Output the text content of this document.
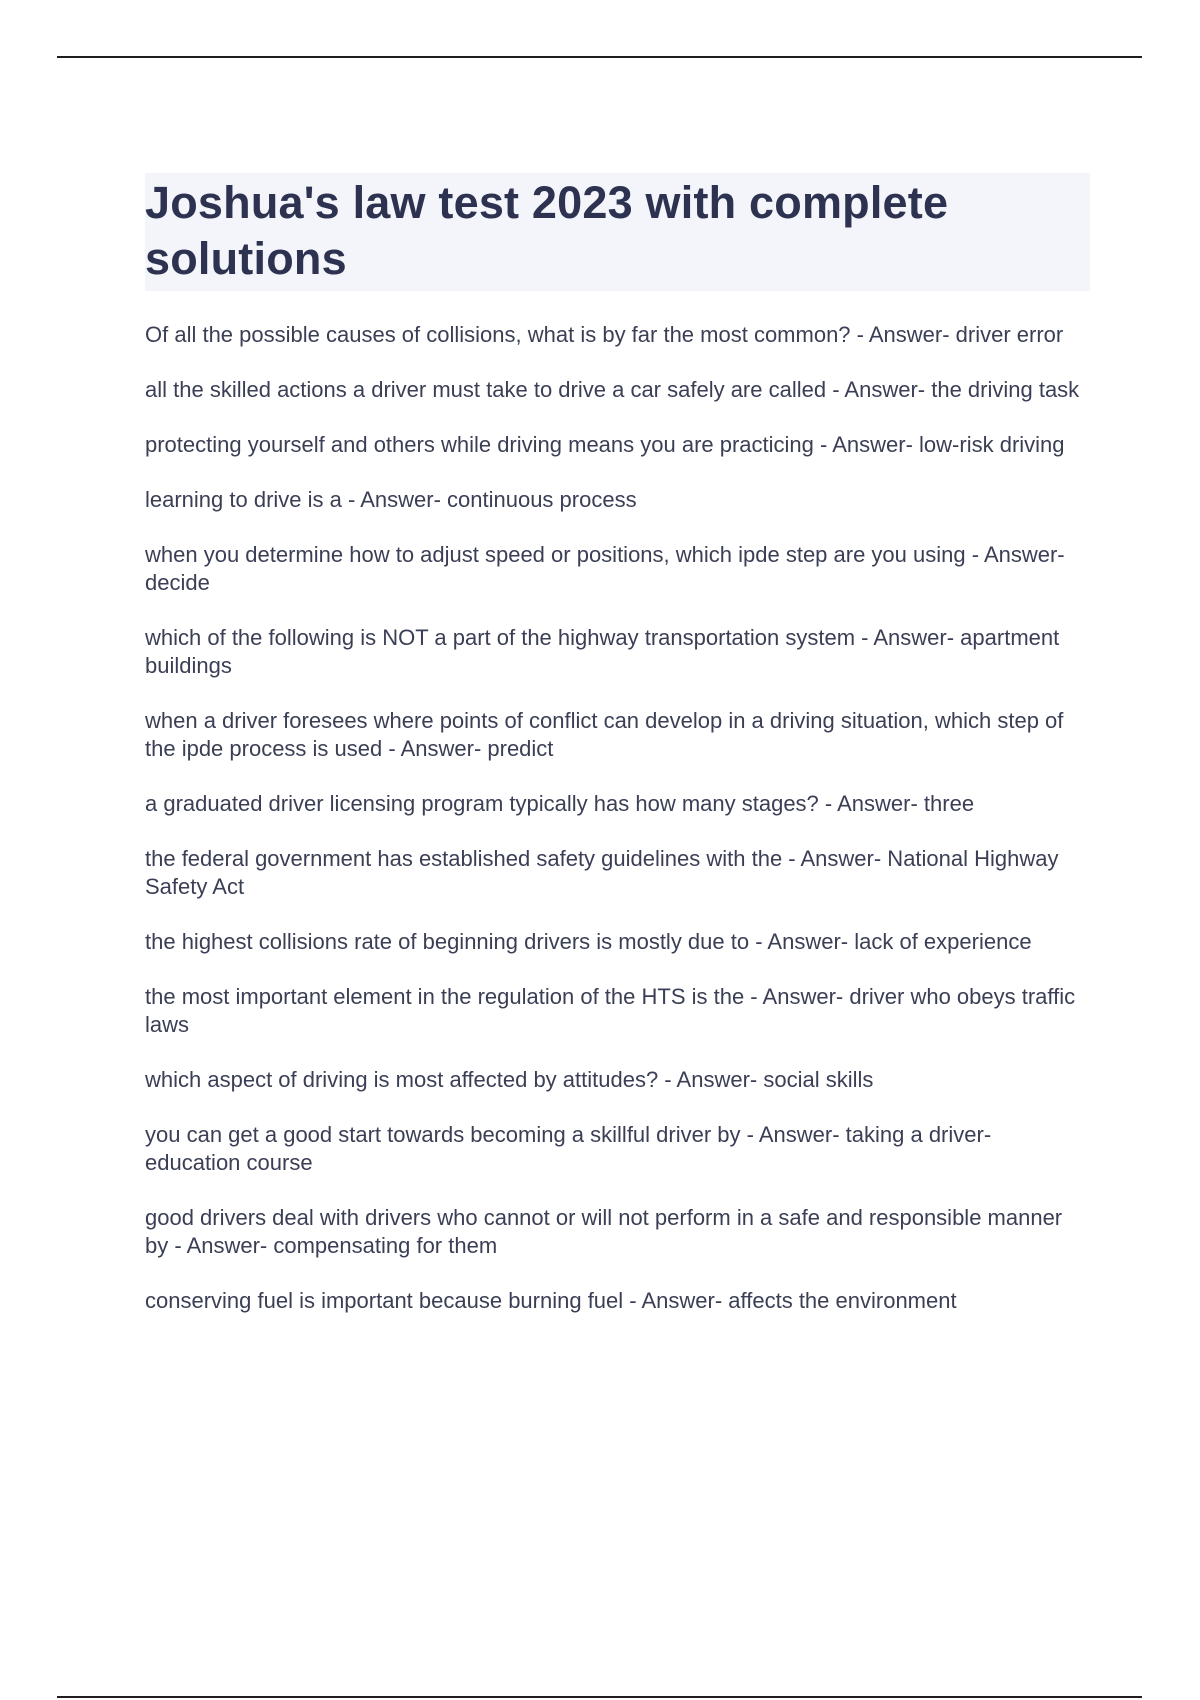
Joshua's law test 2023 with complete solutions

Of all the possible causes of collisions, what is by far the most common? - Answer- driver error

all the skilled actions a driver must take to drive a car safely are called - Answer- the driving task

protecting yourself and others while driving means you are practicing - Answer- low-risk driving

learning to drive is a - Answer- continuous process

when you determine how to adjust speed or positions, which ipde step are you using - Answer- decide

which of the following is NOT a part of the highway transportation system - Answer- apartment buildings

when a driver foresees where points of conflict can develop in a driving situation, which step of the ipde process is used - Answer- predict

a graduated driver licensing program typically has how many stages? - Answer- three

the federal government has established safety guidelines with the - Answer- National Highway Safety Act

the highest collisions rate of beginning drivers is mostly due to - Answer- lack of experience

the most important element in the regulation of the HTS is the - Answer- driver who obeys traffic laws

which aspect of driving is most affected by attitudes? - Answer- social skills

you can get a good start towards becoming a skillful driver by - Answer- taking a driver-education course

good drivers deal with drivers who cannot or will not perform in a safe and responsible manner by - Answer- compensating for them

conserving fuel is important because burning fuel - Answer- affects the environment
